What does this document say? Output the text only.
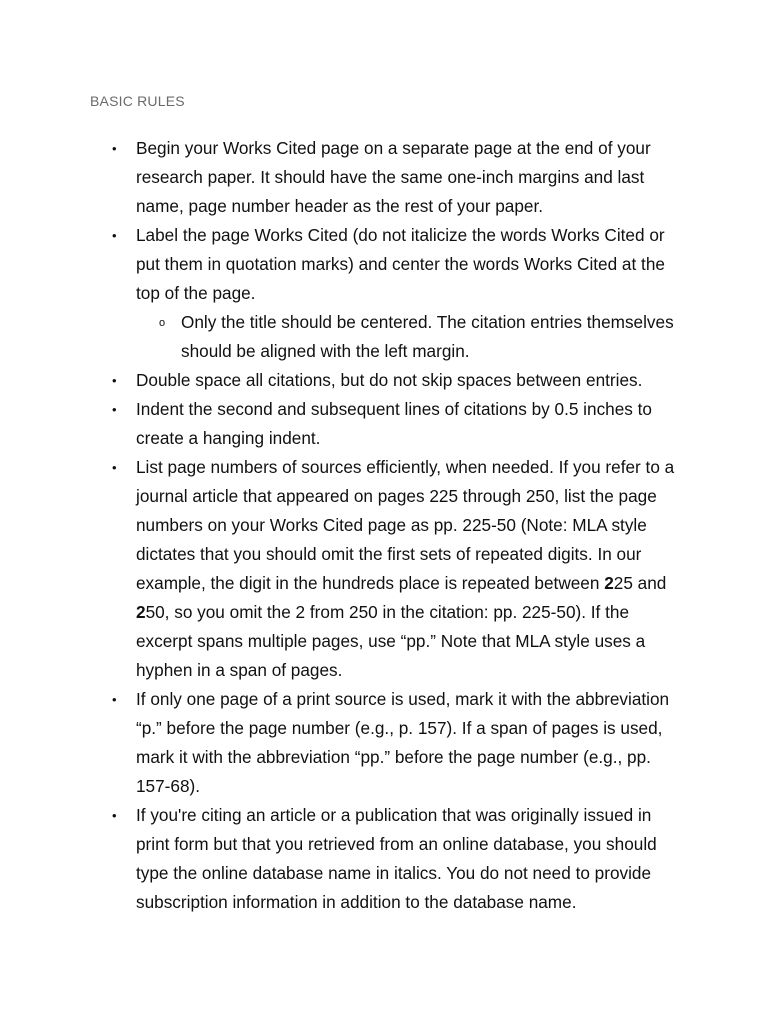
BASIC RULES
• Begin your Works Cited page on a separate page at the end of your research paper. It should have the same one-inch margins and last name, page number header as the rest of your paper.
• Label the page Works Cited (do not italicize the words Works Cited or put them in quotation marks) and center the words Works Cited at the top of the page.
o Only the title should be centered. The citation entries themselves should be aligned with the left margin.
• Double space all citations, but do not skip spaces between entries.
• Indent the second and subsequent lines of citations by 0.5 inches to create a hanging indent.
• List page numbers of sources efficiently, when needed. If you refer to a journal article that appeared on pages 225 through 250, list the page numbers on your Works Cited page as pp. 225-50 (Note: MLA style dictates that you should omit the first sets of repeated digits. In our example, the digit in the hundreds place is repeated between 225 and 250, so you omit the 2 from 250 in the citation: pp. 225-50). If the excerpt spans multiple pages, use “pp.” Note that MLA style uses a hyphen in a span of pages.
• If only one page of a print source is used, mark it with the abbreviation “p.” before the page number (e.g., p. 157). If a span of pages is used, mark it with the abbreviation “pp.” before the page number (e.g., pp. 157-68).
• If you're citing an article or a publication that was originally issued in print form but that you retrieved from an online database, you should type the online database name in italics. You do not need to provide subscription information in addition to the database name.
